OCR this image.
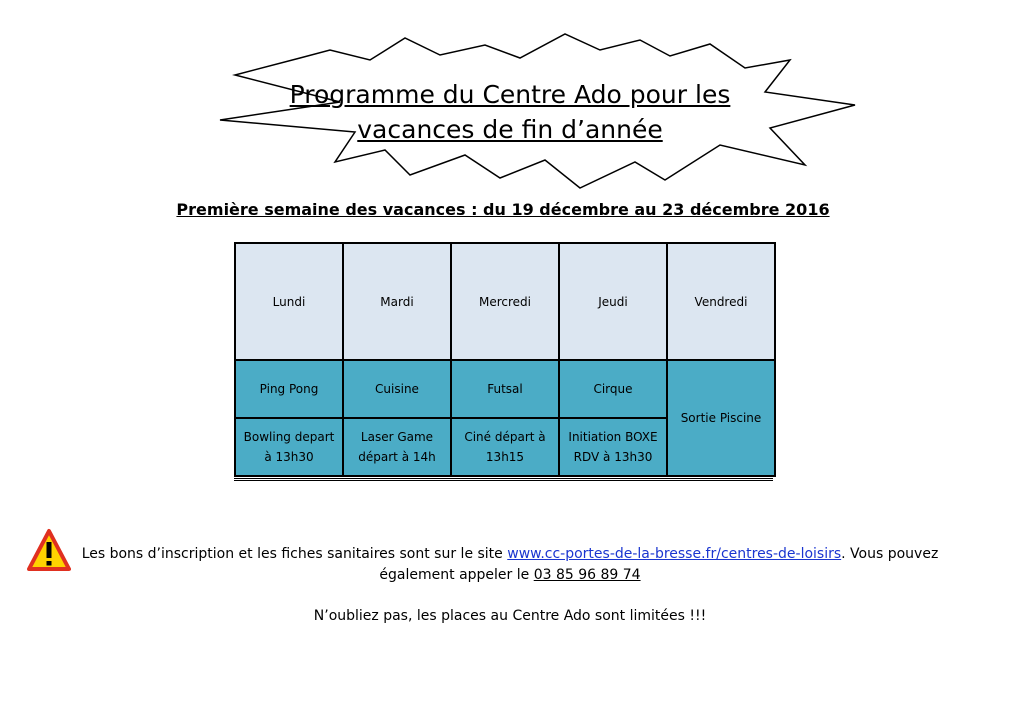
Programme du Centre Ado pour les
vacances de fin d’année
Première semaine des vacances : du 19 décembre au 23 décembre 2016
Lundi	Mardi	Mercredi	Jeudi	Vendredi
Ping Pong	Cuisine	Futsal	Cirque	Sortie Piscine
Bowling depart à 13h30	Laser Game départ à 14h	Ciné départ à 13h15	Initiation BOXE RDV à 13h30	
Les bons d’inscription et les fiches sanitaires sont sur le site www.cc-portes-de-la-bresse.fr/centres-de-loisirs. Vous pouvez
également appeler le 03 85 96 89 74
N’oubliez pas, les places au Centre Ado sont limitées !!!
